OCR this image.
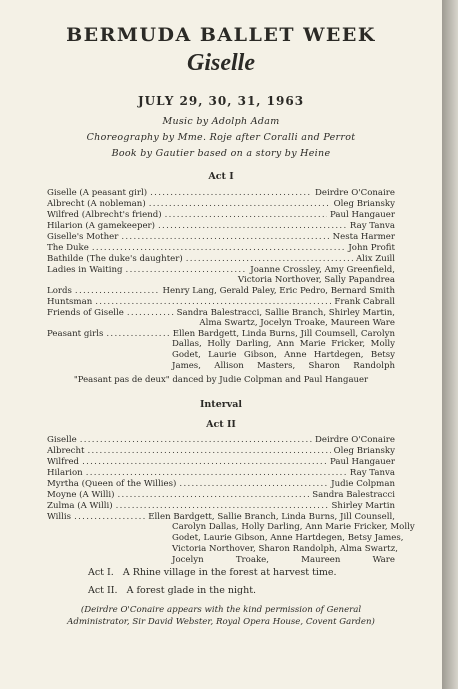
BERMUDA BALLET WEEK
Giselle
JULY 29, 30, 31, 1963
Music by Adolph Adam
Choreography by Mme. Roje after Coralli and Perrot
Book by Gautier based on a story by Heine
Act I
Giselle (A peasant girl) .....	Deirdre O'Conaire
Albrecht (A nobleman) .....	Oleg Briansky
Wilfred (Albrecht's friend) .....	Paul Hangauer
Hilarion (A gamekeeper) .....	Ray Tanva
Giselle's Mother .....	Nesta Harmer
The Duke .....	John Profit
Bathilde (The duke's daughter) .....	Alix Zuill
Ladies in Waiting .....	Joanne Crossley, Amy Greenfield,
Victoria Northover, Sally Papandrea
Lords .....	Henry Lang, Gerald Paley, Eric Pedro, Bernard Smith
Huntsman .....	Frank Cabrall
Friends of Giselle .....	Sandra Balestracci, Sallie Branch, Shirley Martin,
Alma Swartz, Jocelyn Troake, Maureen Ware
Peasant girls .....	Ellen Bardgett, Linda Burns, Jill Coumsell, Carolyn
Dallas, Holly Darling, Ann Marie Fricker, Molly
Godet, Laurie Gibson, Anne Hartdegen, Betsy
James, Allison Masters, Sharon Randolph
"Peasant pas de deux" danced by Judie Colpman and Paul Hangauer
Interval
Act II
Giselle .....	Deirdre O'Conaire
Albrecht .....	Oleg Briansky
Wilfred .....	Paul Hangauer
Hilarion .....	Ray Tanva
Myrtha (Queen of the Willies) .....	Judie Colpman
Moyne (A Willi) .....	Sandra Balestracci
Zulma (A Willi) .....	Shirley Martin
Willis .....	Ellen Bardgett, Sallie Branch, Linda Burns, Jill Counsell,
Carolyn Dallas, Holly Darling, Ann Marie Fricker, Molly
Godet, Laurie Gibson, Anne Hartdegen, Betsy James,
Victoria Northover, Sharon Randolph, Alma Swartz,
Jocelyn Troake, Maureen Ware
Act I. A Rhine village in the forest at harvest time.
Act II. A forest glade in the night.
(Deirdre O'Conaire appears with the kind permission of General
Administrator, Sir David Webster, Royal Opera House, Covent Garden)
